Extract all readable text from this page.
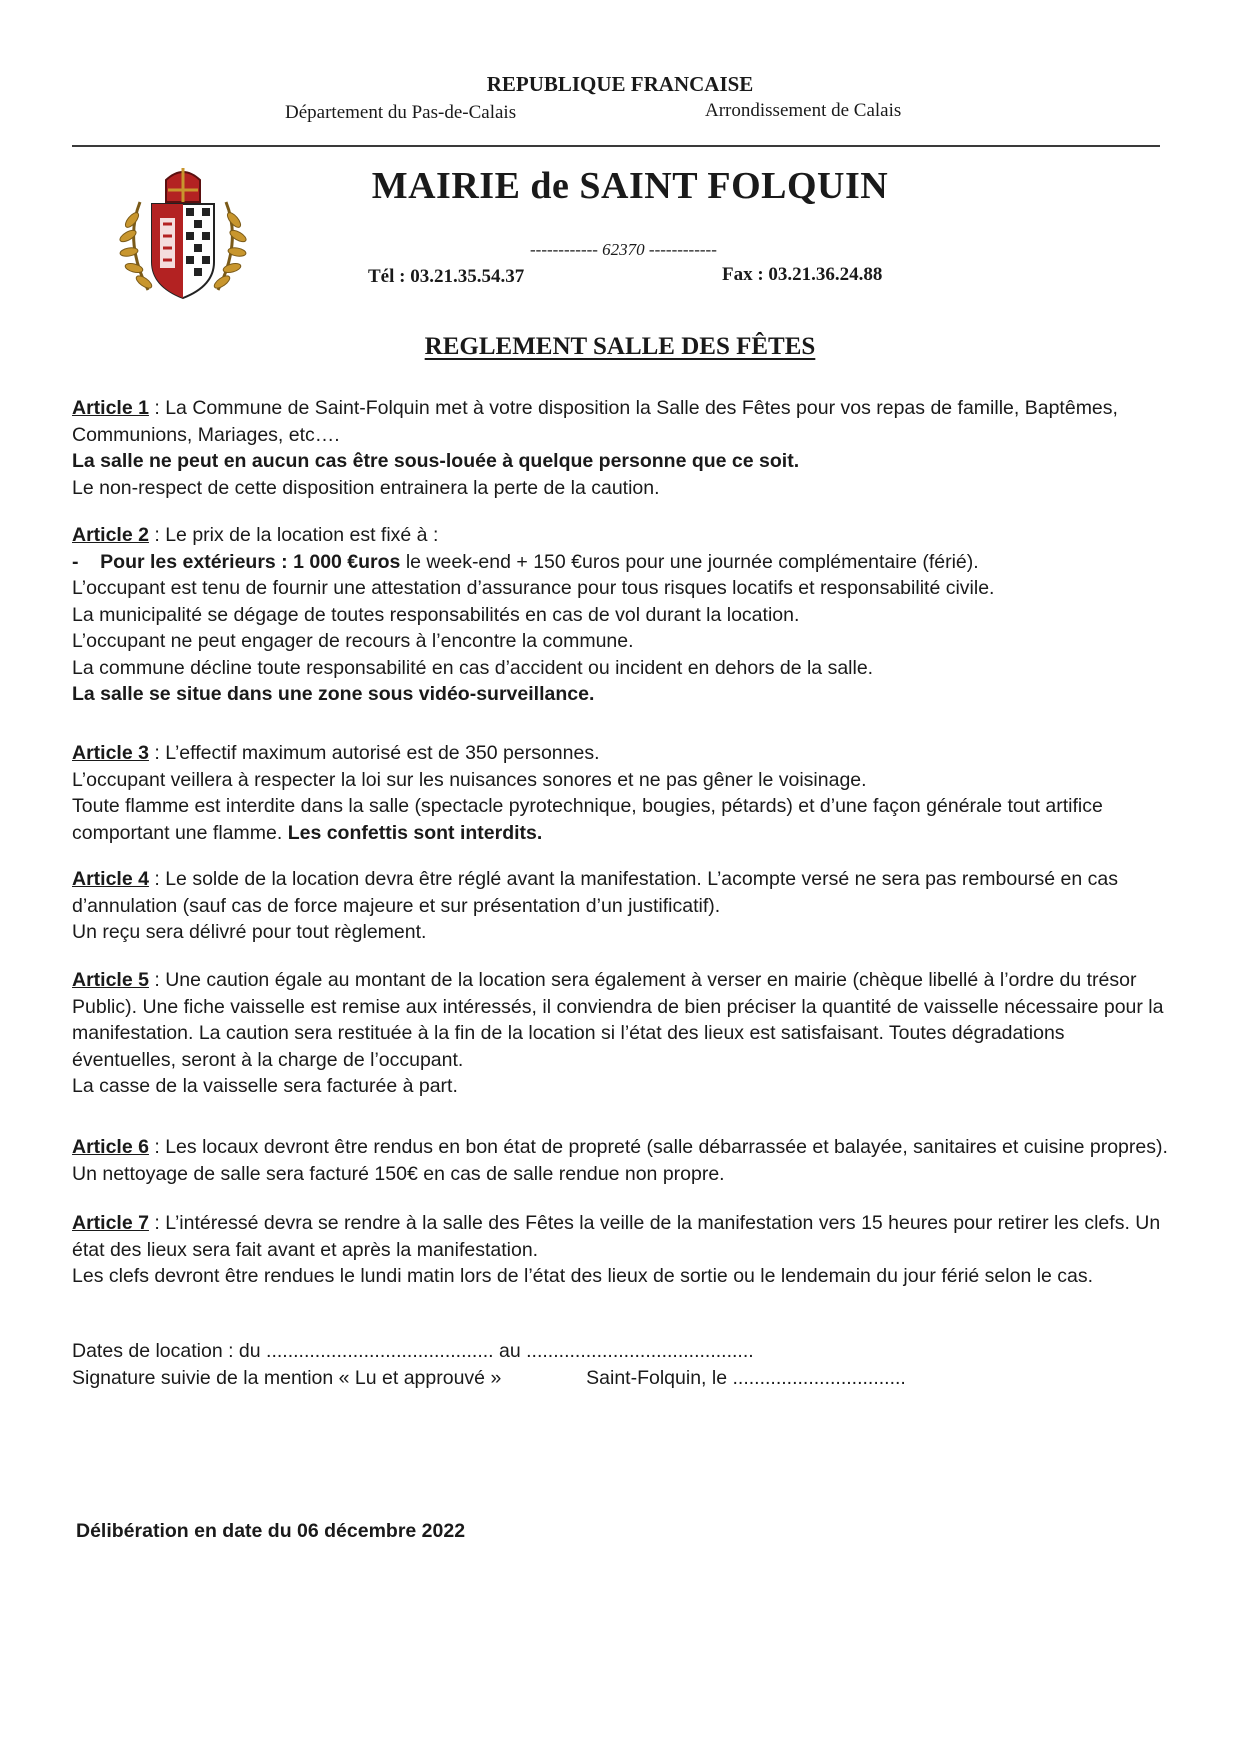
REPUBLIQUE FRANCAISE
Département du Pas-de-Calais	Arrondissement de Calais
MAIRIE de SAINT FOLQUIN
------------ 62370 ------------
Tél : 03.21.35.54.37	Fax : 03.21.36.24.88
REGLEMENT SALLE DES FÊTES

Article 1 : La Commune de Saint-Folquin met à votre disposition la Salle des Fêtes pour vos repas de famille, Baptêmes, Communions, Mariages, etc….

La salle ne peut en aucun cas être sous-louée à quelque personne que ce soit.

Le non-respect de cette disposition entrainera la perte de la caution.

Article 2 : Le prix de la location est fixé à :

- Pour les extérieurs : 1 000 €uros le week-end + 150 €uros pour une journée complémentaire (férié).

L’occupant est tenu de fournir une attestation d’assurance pour tous risques locatifs et responsabilité civile.

La municipalité se dégage de toutes responsabilités en cas de vol durant la location.

L’occupant ne peut engager de recours à l’encontre la commune.

La commune décline toute responsabilité en cas d’accident ou incident en dehors de la salle.

La salle se situe dans une zone sous vidéo-surveillance.

Article 3 : L’effectif maximum autorisé est de 350 personnes.

L’occupant veillera à respecter la loi sur les nuisances sonores et ne pas gêner le voisinage.

Toute flamme est interdite dans la salle (spectacle pyrotechnique, bougies, pétards) et d’une façon générale tout artifice comportant une flamme. Les confettis sont interdits.

Article 4 : Le solde de la location devra être réglé avant la manifestation. L’acompte versé ne sera pas remboursé en cas d’annulation (sauf cas de force majeure et sur présentation d’un justificatif).

Un reçu sera délivré pour tout règlement.

Article 5 : Une caution égale au montant de la location sera également à verser en mairie (chèque libellé à l’ordre du trésor Public). Une fiche vaisselle est remise aux intéressés, il conviendra de bien préciser la quantité de vaisselle nécessaire pour la manifestation. La caution sera restituée à la fin de la location si l’état des lieux est satisfaisant. Toutes dégradations éventuelles, seront à la charge de l’occupant.

La casse de la vaisselle sera facturée à part.

Article 6 : Les locaux devront être rendus en bon état de propreté (salle débarrassée et balayée, sanitaires et cuisine propres). Un nettoyage de salle sera facturé 150€ en cas de salle rendue non propre.

Article 7 : L’intéressé devra se rendre à la salle des Fêtes la veille de la manifestation vers 15 heures pour retirer les clefs. Un état des lieux sera fait avant et après la manifestation.

Les clefs devront être rendues le lundi matin lors de l’état des lieux de sortie ou le lendemain du jour férié selon le cas.

Dates de location : du .......................................... au ..........................................

Signature suivie de la mention « Lu et approuvé »	Saint-Folquin, le ................................

Délibération en date du 06 décembre 2022
